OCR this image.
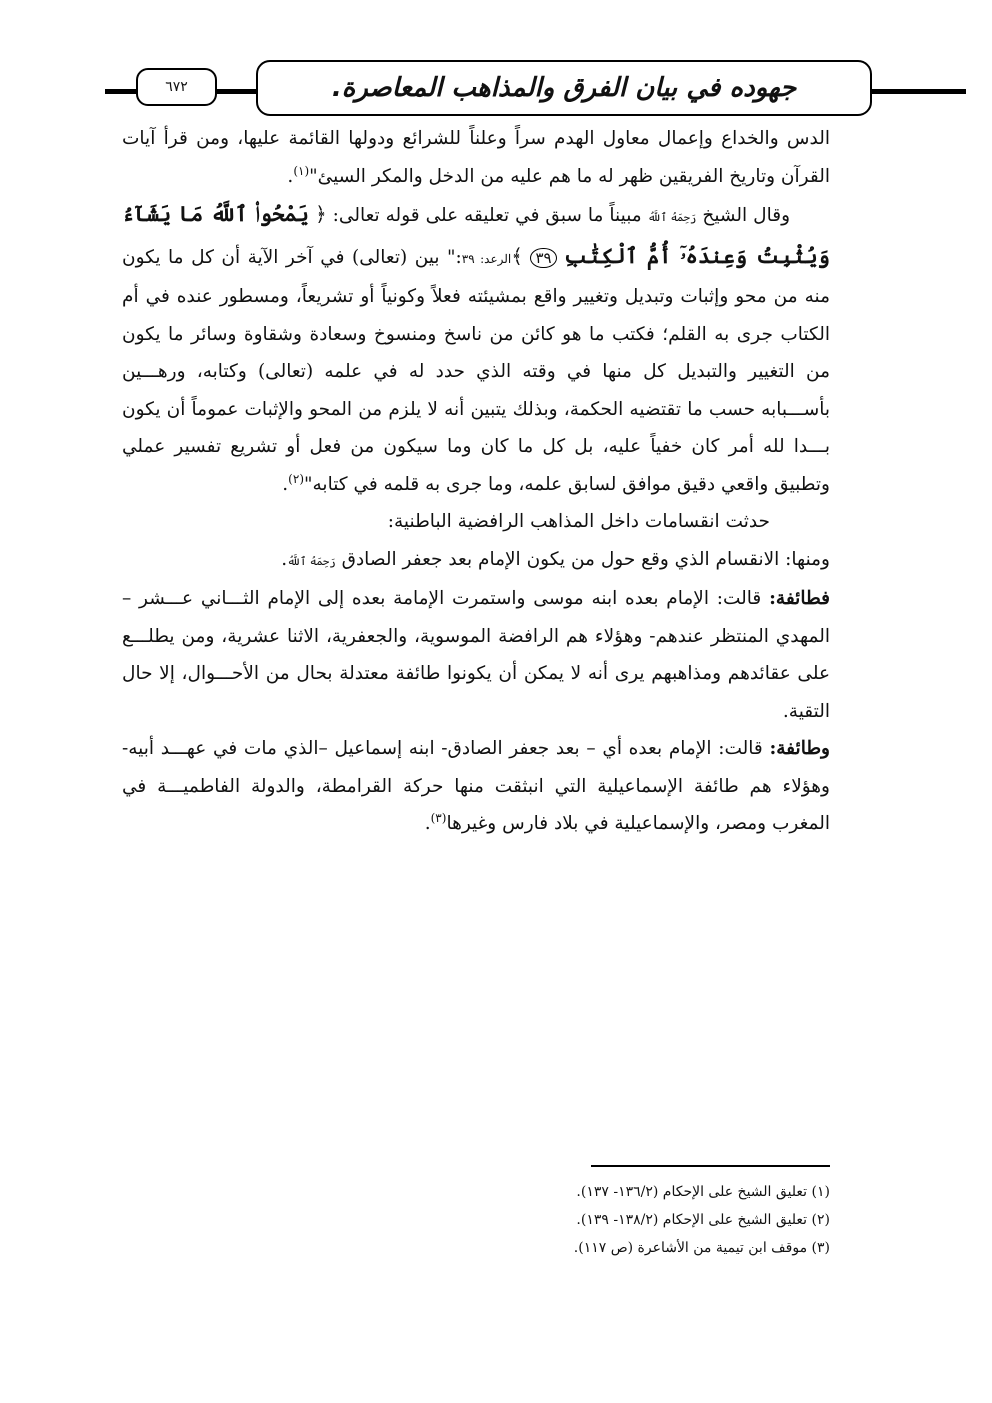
جهوده في بيان الفرق والمذاهب المعاصرة.
٦٧٢

الدس والخداع وإعمال معاول الهدم سراً وعلناً للشرائع ودولها القائمة عليها، ومن قرأ آيات القرآن وتاريخ الفريقين ظهر له ما هم عليه من الدخل والمكر السيئ"$^{(١)}$.

وقال الشيخ رَحِمَهُ ٱللَّهُ مبيناً ما سبق في تعليقه على قوله تعالى: ﴿ يَمْحُوا۟ ٱللَّهُ مَا يَشَآءُ وَيُثْبِتُ وَعِندَهُۥٓ أُمُّ ٱلْكِتَٰبِ ٣٩ ﴾الرعد: ٣٩:" بين (تعالى) في آخر الآية أن كل ما يكون منه من محو وإثبات وتبديل وتغيير واقع بمشيئته فعلاً وكونياً أو تشريعاً، ومسطور عنده في أم الكتاب جرى به القلم؛ فكتب ما هو كائن من ناسخ ومنسوخ وسعادة وشقاوة وسائر ما يكون من التغيير والتبديل كل منها في وقته الذي حدد له في علمه (تعالى) وكتابه، ورهـــين بأســـبابه حسب ما تقتضيه الحكمة، وبذلك يتبين أنه لا يلزم من المحو والإثبات عموماً أن يكون بـــدا لله أمر كان خفياً عليه، بل كل ما كان وما سيكون من فعل أو تشريع تفسير عملي وتطبيق واقعي دقيق موافق لسابق علمه، وما جرى به قلمه في كتابه"$^{(٢)}$.

حدثت انقسامات داخل المذاهب الرافضية الباطنية:

ومنها: الانقسام الذي وقع حول من يكون الإمام بعد جعفر الصادق رَحِمَهُ ٱللَّهُ.

فطائفة: قالت: الإمام بعده ابنه موسى واستمرت الإمامة بعده إلى الإمام الثـــاني عـــشر – المهدي المنتظر عندهم- وهؤلاء هم الرافضة الموسوية، والجعفرية، الاثنا عشرية، ومن يطلـــع على عقائدهم ومذاهبهم يرى أنه لا يمكن أن يكونوا طائفة معتدلة بحال من الأحـــوال، إلا حال التقية.

وطائفة: قالت: الإمام بعده أي – بعد جعفر الصادق- ابنه إسماعيل –الذي مات في عهـــد أبيه- وهؤلاء هم طائفة الإسماعيلية التي انبثقت منها حركة القرامطة، والدولة الفاطميـــة في المغرب ومصر، والإسماعيلية في بلاد فارس وغيرها$^{(٣)}$.

(١) تعليق الشيخ على الإحكام (١٣٦/٢- ١٣٧).
(٢) تعليق الشيخ على الإحكام (١٣٨/٢- ١٣٩).
(٣) موقف ابن تيمية من الأشاعرة (ص ١١٧).
